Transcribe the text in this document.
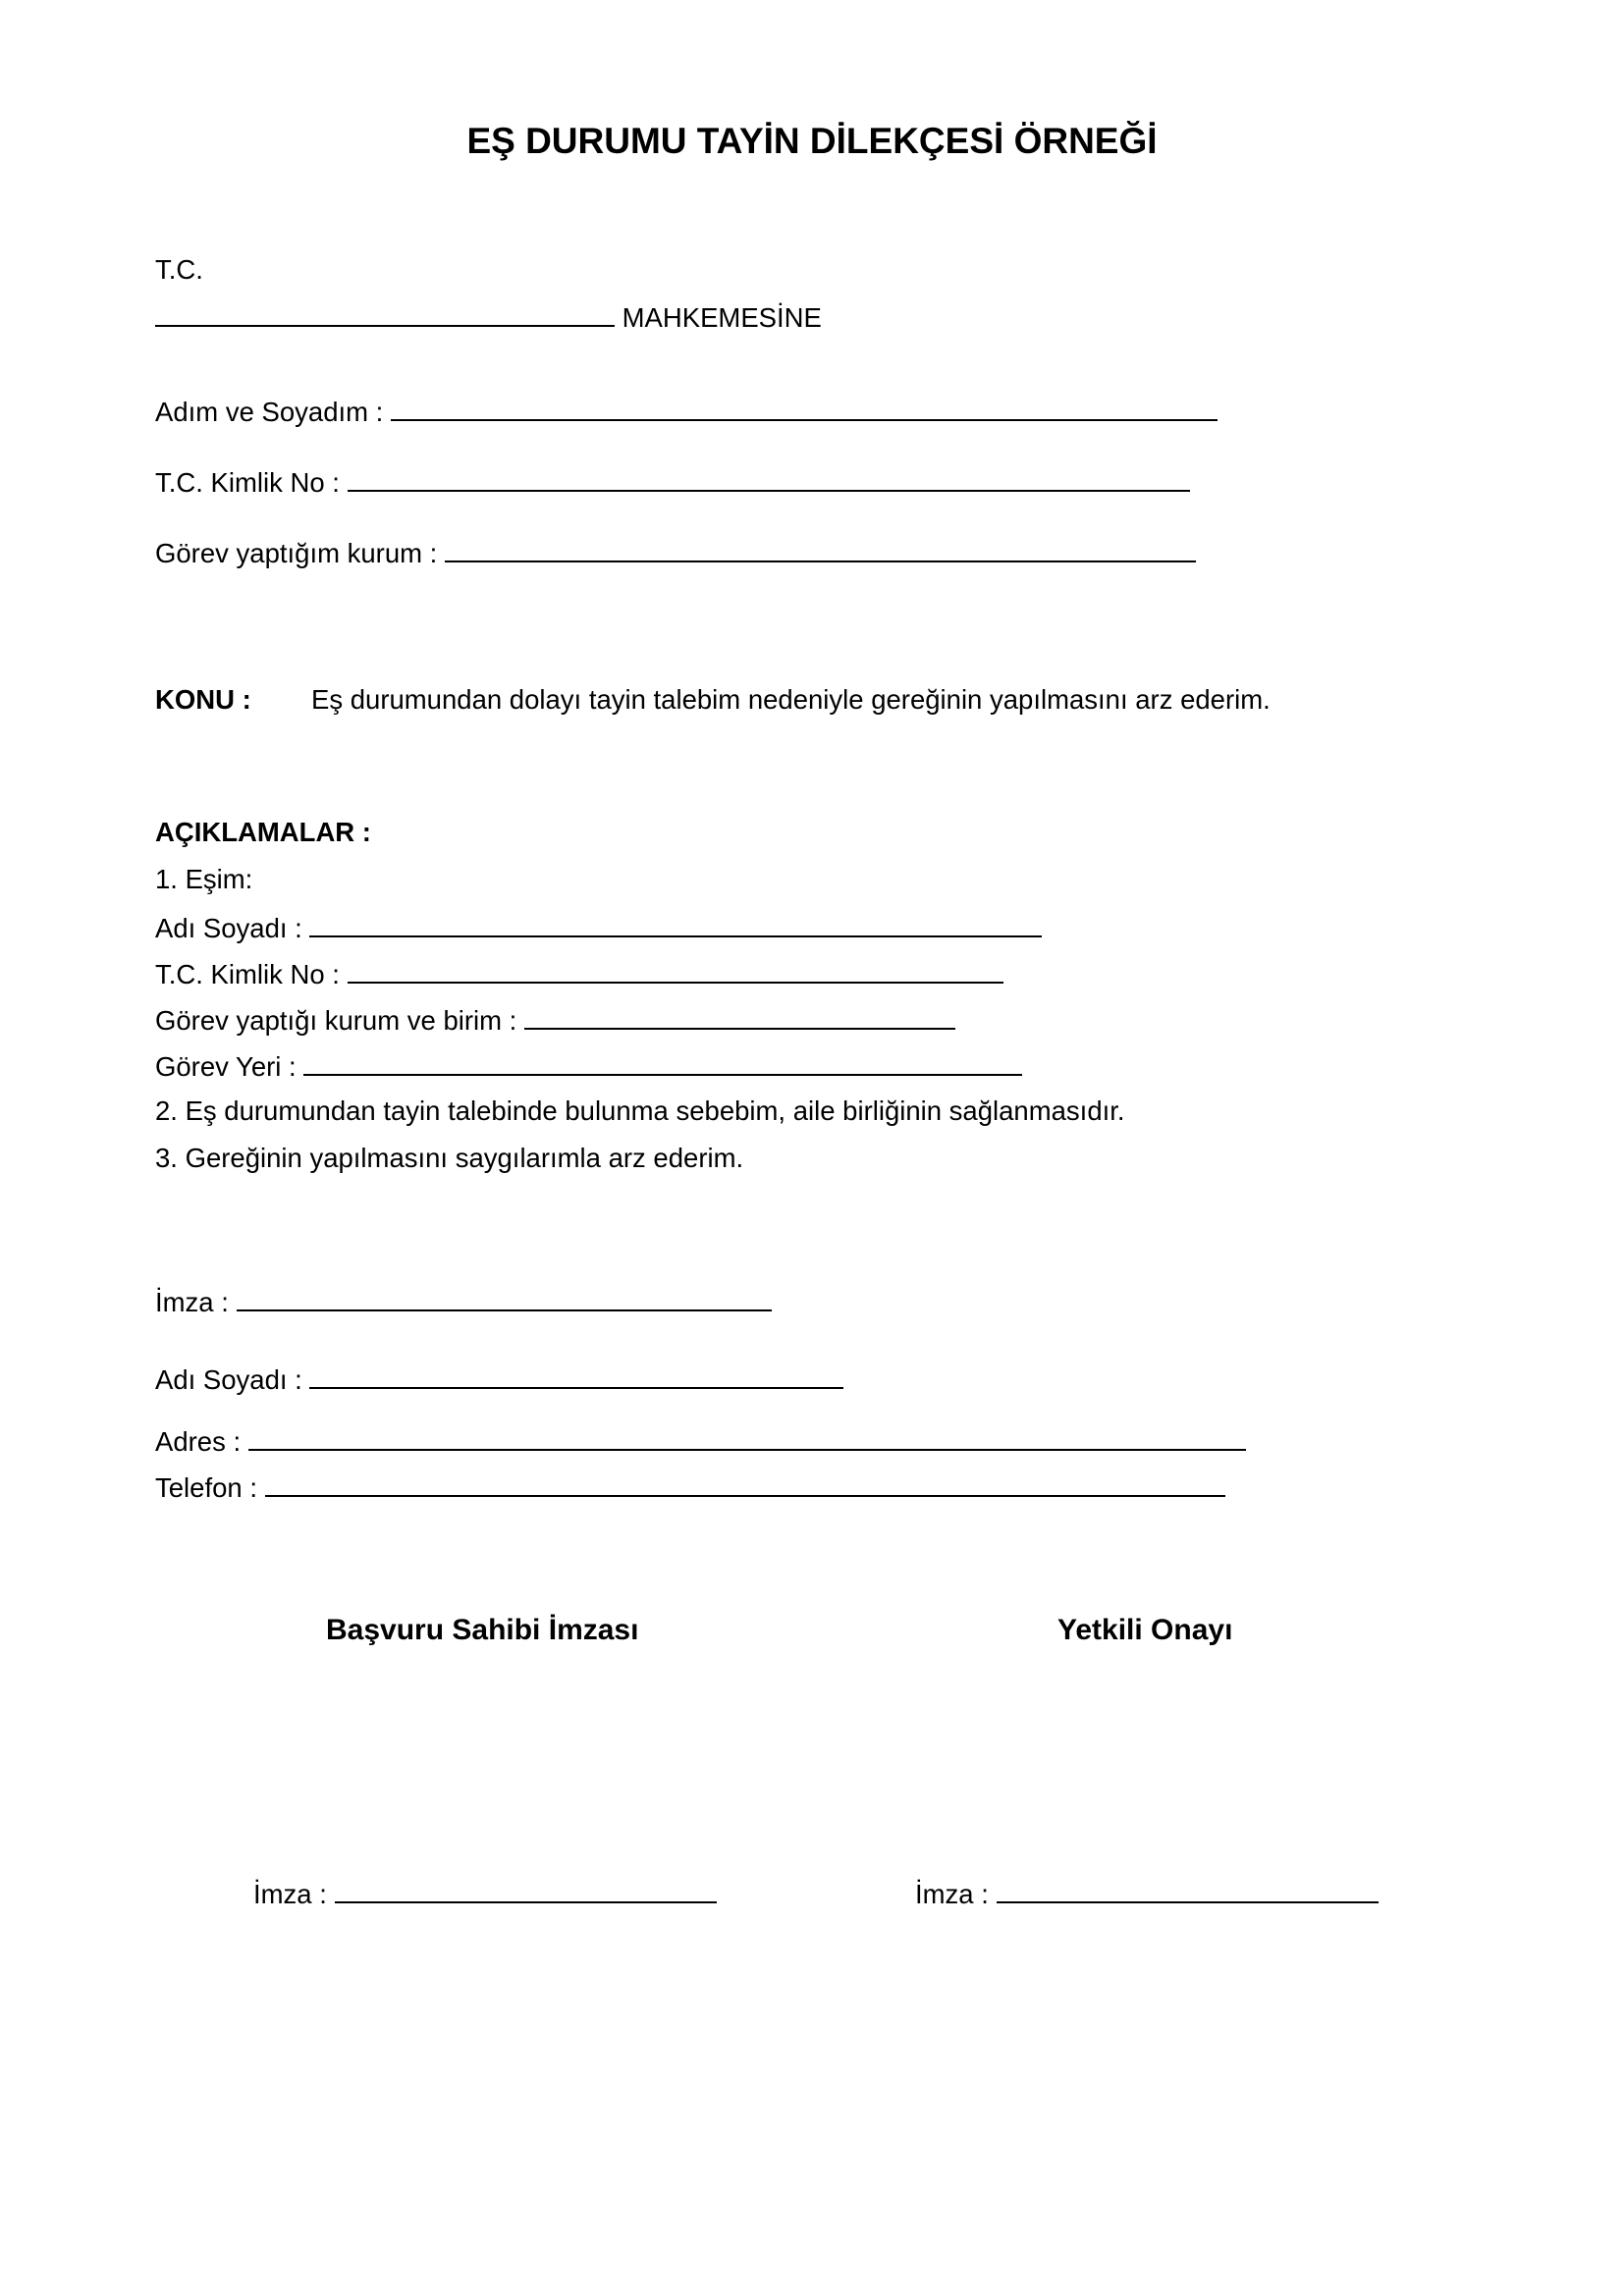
EŞ DURUMU TAYİN DİLEKÇESİ ÖRNEĞİ
T.C.
MAHKEMESİNE
Adım ve Soyadım :
T.C. Kimlik No :
Görev yaptığım kurum :
KONU : Eş durumundan dolayı tayin talebim nedeniyle gereğinin yapılmasını arz ederim.
AÇIKLAMALAR :
1. Eşim:
Adı Soyadı :
T.C. Kimlik No :
Görev yaptığı kurum ve birim :
Görev Yeri :
2. Eş durumundan tayin talebinde bulunma sebebim, aile birliğinin sağlanmasıdır.
3. Gereğinin yapılmasını saygılarımla arz ederim.
İmza :
Adı Soyadı :
Adres :
Telefon :
Başvuru Sahibi İmzası	Yetkili Onayı
İmza :	İmza :
